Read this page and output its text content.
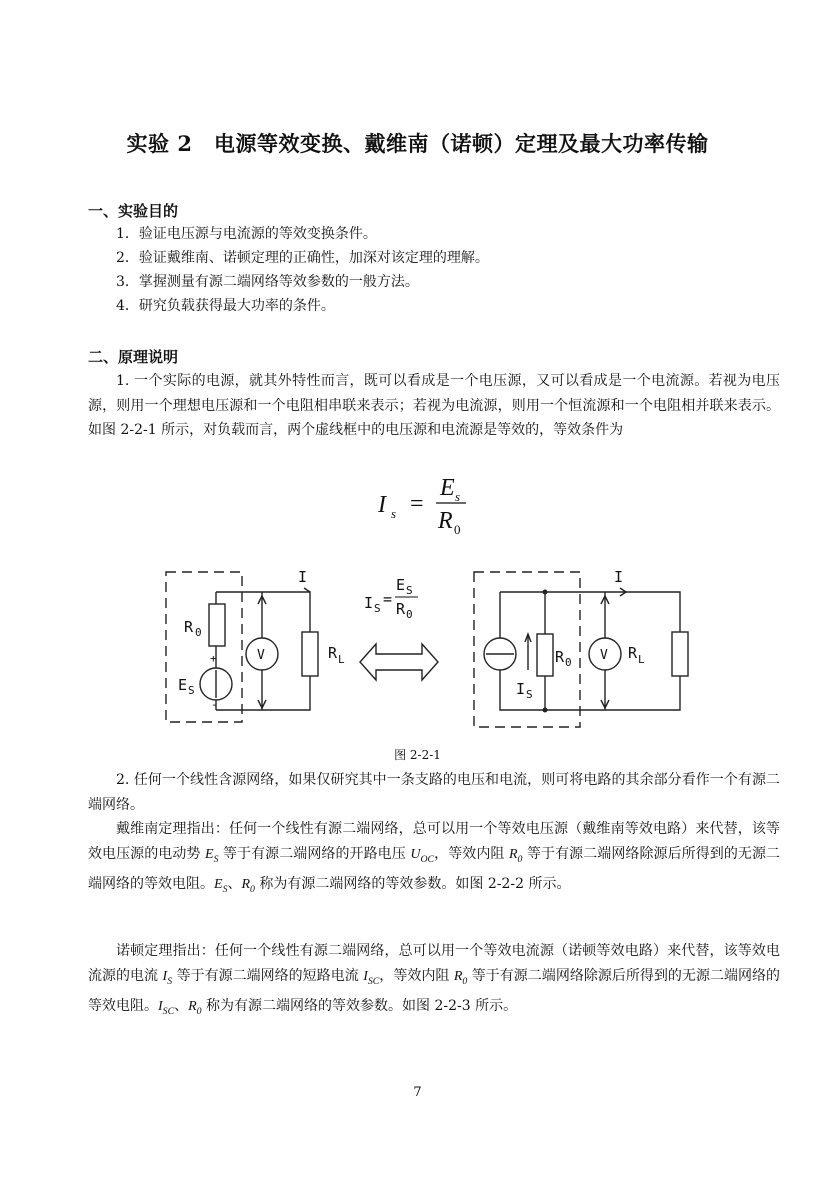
实验 2　电源等效变换、戴维南（诺顿）定理及最大功率传输
一、实验目的
1．验证电压源与电流源的等效变换条件。
2．验证戴维南、诺顿定理的正确性，加深对该定理的理解。
3．掌握测量有源二端网络等效参数的一般方法。
4．研究负载获得最大功率的条件。
二、原理说明

1. 一个实际的电源，就其外特性而言，既可以看成是一个电压源，又可以看成是一个电流源。若视为电压源，则用一个理想电压源和一个电阻相串联来表示；若视为电流源，则用一个恒流源和一个电阻相并联来表示。如图 2-2-1 所示，对负载而言，两个虚线框中的电压源和电流源是等效的，等效条件为

I s =
E s
R 0
R 0
V	R L
E S
+
-
I	I
I S
=
E S
R 0
R 0 V R L
I S
图 2-2-1

2. 任何一个线性含源网络，如果仅研究其中一条支路的电压和电流，则可将电路的其余部分看作一个有源二端网络。

戴维南定理指出：任何一个线性有源二端网络，总可以用一个等效电压源（戴维南等效电路）来代替，该等效电压源的电动势 $E_S$ 等于有源二端网络的开路电压 $U_{OC}$，等效内阻 $R_0$ 等于有源二端网络除源后所得到的无源二端网络的等效电阻。$E_S$、$R_0$ 称为有源二端网络的等效参数。如图 2-2-2 所示。

诺顿定理指出：任何一个线性有源二端网络，总可以用一个等效电流源（诺顿等效电路）来代替，该等效电流源的电流 $I_S$ 等于有源二端网络的短路电流 $I_{SC}$，等效内阻 $R_0$ 等于有源二端网络除源后所得到的无源二端网络的等效电阻。$I_{SC}$、$R_0$ 称为有源二端网络的等效参数。如图 2-2-3 所示。

7
